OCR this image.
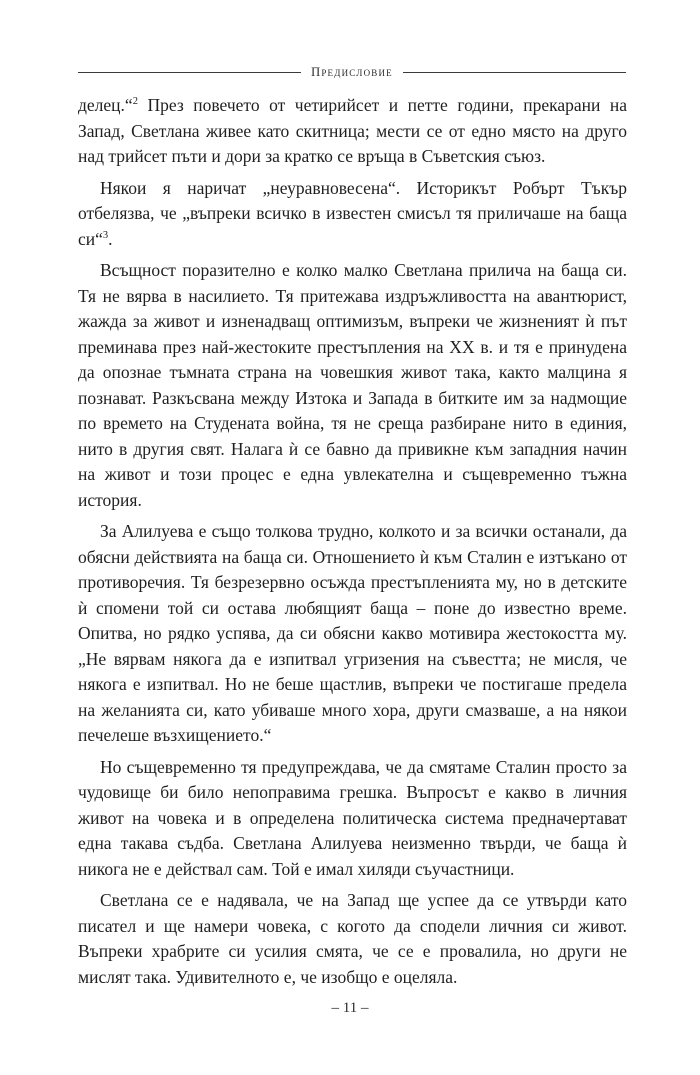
Предисловие

делец.“$^2$ През повечето от четирийсет и петте години, прекарани на Запад, Светлана живее като скитница; мести се от едно място на друго над трийсет пъти и дори за кратко се връща в Съветския съюз.

Някои я наричат „неуравновесена“. Историкът Робърт Тъкър отбелязва, че „въпреки всичко в известен смисъл тя приличаше на баща си“$^3$.

Всъщност поразително е колко малко Светлана прилича на баща си. Тя не вярва в насилието. Тя притежава издръжливостта на авантюрист, жажда за живот и изненадващ оптимизъм, въпреки че жизненият ѝ път преминава през най-жестоките престъпления на XX в. и тя е принудена да опознае тъмната страна на човешкия живот така, както малцина я познават. Разкъсвана между Изтока и Запада в битките им за надмощие по времето на Студената война, тя не среща разбиране нито в единия, нито в другия свят. Налага ѝ се бавно да привикне към западния начин на живот и този процес е една увлекателна и същевременно тъжна история.

За Алилуева е също толкова трудно, колкото и за всички останали, да обясни действията на баща си. Отношението ѝ към Сталин е изтъкано от противоречия. Тя безрезервно осъжда престъпленията му, но в детските ѝ спомени той си остава любящият баща – поне до известно време. Опитва, но рядко успява, да си обясни какво мотивира жестокостта му. „Не вярвам някога да е изпитвал угризения на съвестта; не мисля, че някога е изпитвал. Но не беше щастлив, въпреки че постигаше предела на желанията си, като убиваше много хора, други смазваше, а на някои печелеше възхищението.“

Но същевременно тя предупреждава, че да смятаме Сталин просто за чудовище би било непоправима грешка. Въпросът е какво в личния живот на човека и в определена политическа система предначертават една такава съдба. Светлана Алилуева неизменно твърди, че баща ѝ никога не е действал сам. Той е имал хиляди съучастници.

Светлана се е надявала, че на Запад ще успее да се утвърди като писател и ще намери човека, с когото да сподели личния си живот. Въпреки храбрите си усилия смята, че се е провалила, но други не мислят така. Удивителното е, че изобщо е оцеляла.

– 11 –
